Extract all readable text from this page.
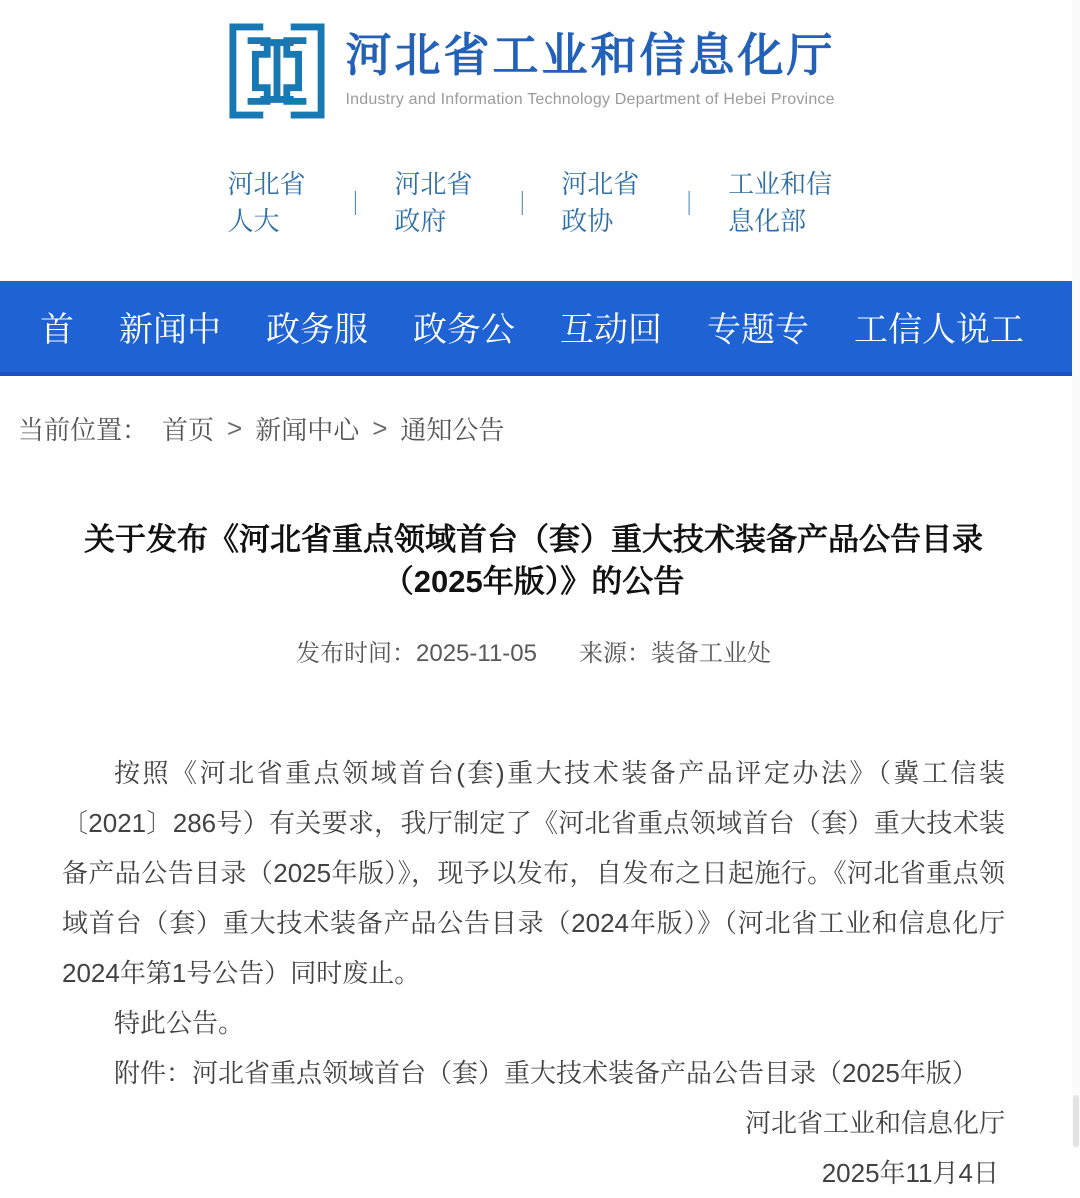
河北省工业和信息化厅
Industry and Information Technology Department of Hebei Province
河北省人大
｜
河北省政府
｜
河北省政协
｜
工业和信息化部
首 新闻中 政务服 政务公 互动回 专题专 工信人说工
当前位置： 首页 > 新闻中心 > 通知公告
关于发布《河北省重点领域首台（套）重大技术装备产品公告目录（2025年版）》的公告
发布时间：2025-11-05 来源：装备工业处

按照《河北省重点领域首台(套)重大技术装备产品评定办法》（冀工信装〔2021〕286号）有关要求，我厅制定了《河北省重点领域首台（套）重大技术装备产品公告目录（2025年版）》，现予以发布，自发布之日起施行。《河北省重点领域首台（套）重大技术装备产品公告目录（2024年版）》（河北省工业和信息化厅2024年第1号公告）同时废止。

特此公告。

附件：河北省重点领域首台（套）重大技术装备产品公告目录（2025年版）

河北省工业和信息化厅
2025年11月4日
